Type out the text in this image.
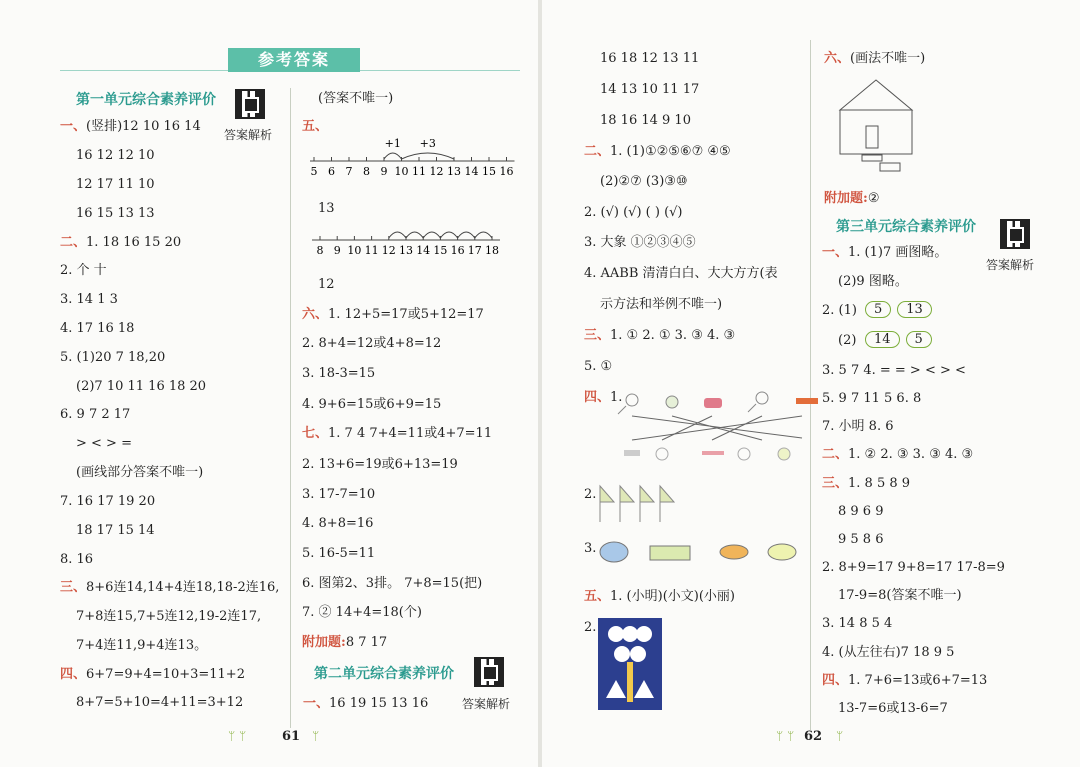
参考答案
第一单元综合素养评价
答案解析
一、(竖排)12 10 16 14
16 12 12 10
12 17 11 10
16 15 13 13
二、1. 18 16 15 20
2. 个 十
3. 14 1 3
4. 17 16 18
5. (1)20 7 18,20
(2)7 10 11 16 18 20
6. 9 7 2 17
> < > =
(画线部分答案不唯一)
7. 16 17 19 20
18 17 15 14
8. 16
三、8+6连14,14+4连18,18-2连16,
7+8连15,7+5连12,19-2连17,
7+4连11,9+4连13。
四、6+7=9+4=10+3=11+2
8+7=5+10=4+11=3+12
(答案不唯一)
五、
13
12
六、1. 12+5=17或5+12=17
2. 8+4=12或4+8=12
3. 18-3=15
4. 9+6=15或6+9=15
七、1. 7 4 7+4=11或4+7=11
2. 13+6=19或6+13=19
3. 17-7=10
4. 8+8=16
5. 16-5=11
6. 图第2、3排。 7+8=15(把)
7. ② 14+4=18(个)
附加题:8 7 17
5 6 7 8 9 10 11 12 13 14 15 16
+1 +3
8 9 10 11 12 13 14 15 16 17 18
第二单元综合素养评价
一、16 19 15 13 16	答案解析
ᛘ ᛘ	61 ᛘ
16 18 12 13 11
14 13 10 11 17
18 16 14 9 10
二、1. (1)①②⑤⑥⑦ ④⑤
(2)②⑦ (3)③⑩
2. (√) (√) ( ) (√)
3. 大象 ①②③④⑤
4. AABB 清清白白、大大方方(表
示方法和举例不唯一)
三、1. ① 2. ① 3. ③ 4. ③
5. ①
四、1.
2.
3.
五、1. (小明)(小文)(小丽)
2.
六、(画法不唯一)
附加题:②
一、1. (1)7 画图略。
(2)9 图略。
2. (1)
(2)
3. 5 7 4. = = > < > <
5. 9 7 11 5 6. 8
7. 小明 8. 6
二、1. ② 2. ③ 3. ③ 4. ③
三、1. 8 5 8 9
8 9 6 9
9 5 8 6
2. 8+9=17 9+8=17 17-8=9
17-9=8(答案不唯一)
3. 14 8 5 4
4. (从左往右)7 18 9 5
四、1. 7+6=13或6+7=13
13-7=6或13-6=7
第三单元综合素养评价
答案解析
5 13
14 5
ᛘ ᛘ 62 ᛘ
